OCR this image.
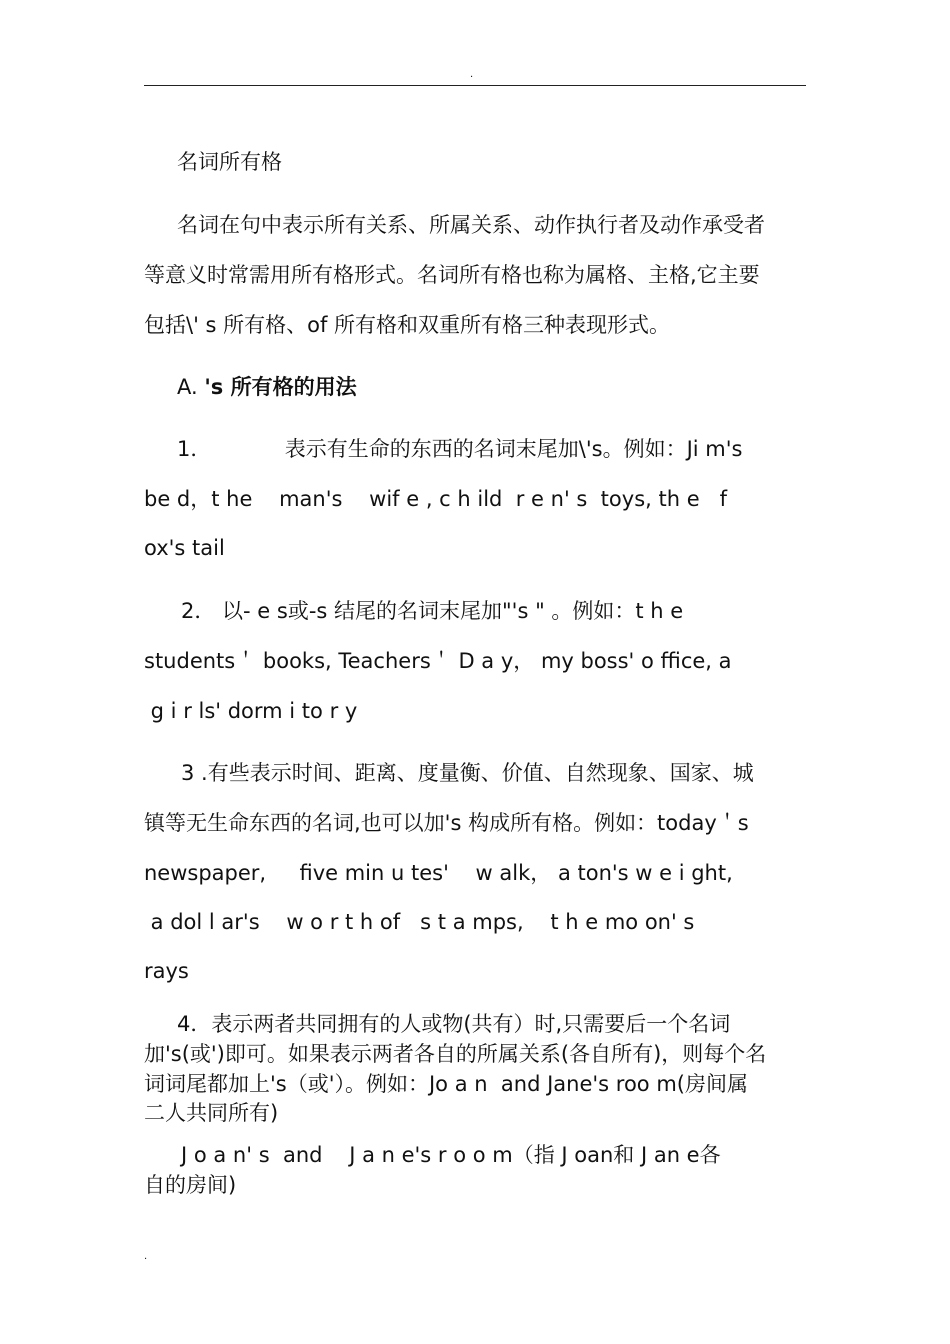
.
名词所有格
名词在句中表示所有关系、所属关系、动作执行者及动作承受者
等意义时常需用所有格形式。名词所有格也称为属格、主格,它主要
包括\' s 所有格、of 所有格和双重所有格三种表现形式。
A. 's 所有格的用法
1．           表示有生命的东西的名词末尾加\'s。例如：Ji m's
be d，t he    man's    wif e , c h ild  r e n' s  toys, th e   f
ox's tail
2． 以- e s或-s 结尾的名词末尾加"'s " 。例如：t h e
students＇ books, Teachers＇ D a y， my boss' o ffice, a
g i r ls' dorm i to r y
3 .有些表示时间、距离、度量衡、价值、自然现象、国家、城
镇等无生命东西的名词,也可以加's 构成所有格。例如：today＇s
newspaper,     five min u tes'    w alk， a ton's w e i ght,
a dol l ar's    w o r t h of   s t a mps,    t h e mo on' s
rays
4．表示两者共同拥有的人或物(共有）时,只需要后一个名词
加's(或')即可。如果表示两者各自的所属关系(各自所有)，则每个名
词词尾都加上's（或'）。例如：Jo a n  and Jane's roo m(房间属
二人共同所有)
J o a n' s  and    J a n e's r o o m（指 J oan和 J an e各
自的房间)
.
